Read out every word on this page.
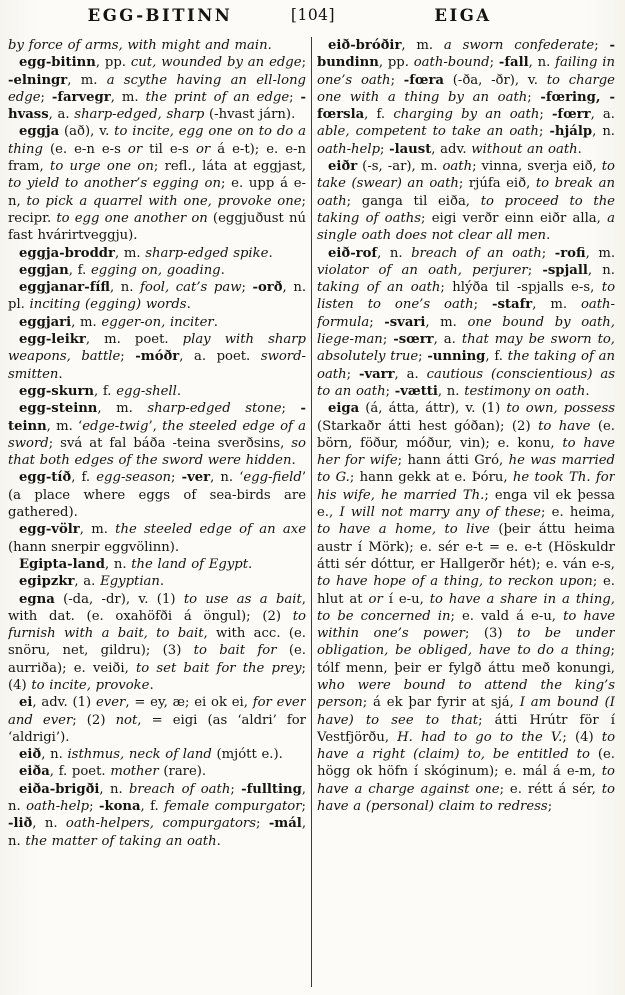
EGG-BITINN	[104]	EIGA

by force of arms, with might and main.

egg-bitinn, pp. cut, wounded by an edge; -elningr, m. a scythe having an ell-long edge; -farvegr, m. the print of an edge; -hvass, a. sharp-edged, sharp (-hvast járn).

eggja (að), v. to incite, egg one on to do a thing (e. e-n e-s or til e-s or á e-t); e. e-n fram, to urge one on; refl., láta at eggjast, to yield to another’s egging on; e. upp á e-n, to pick a quarrel with one, provoke one; recipr. to egg one another on (eggjuðust nú fast hvárirtveggju).

eggja-broddr, m. sharp-edged spike.

eggjan, f. egging on, goading.

eggjanar-fífl, n. fool, cat’s paw; -orð, n. pl. inciting (egging) words.

eggjari, m. egger-on, inciter.

egg-leikr, m. poet. play with sharp weapons, battle; -móðr, a. poet. sword-smitten.

egg-skurn, f. egg-shell.

egg-steinn, m. sharp-edged stone; -teinn, m. ‘edge-twig’, the steeled edge of a sword; svá at fal báða -teina sverðsins, so that both edges of the sword were hidden.

egg-tíð, f. egg-season; -ver, n. ‘egg-field’ (a place where eggs of sea-birds are gathered).

egg-völr, m. the steeled edge of an axe (hann snerpir eggvölinn).

Egipta-land, n. the land of Egypt.

egipzkr, a. Egyptian.

egna (-da, -dr), v. (1) to use as a bait, with dat. (e. oxahöfði á öngul); (2) to furnish with a bait, to bait, with acc. (e. snöru, net, gildru); (3) to bait for (e. aurriða); e. veiði, to set bait for the prey; (4) to incite, provoke.

ei, adv. (1) ever, = ey, æ; ei ok ei, for ever and ever; (2) not, = eigi (as ‘aldri’ for ‘aldrigi’).

eið, n. isthmus, neck of land (mjótt e.).

eiða, f. poet. mother (rare).

eiða-brigði, n. breach of oath; -fullting, n. oath-help; -kona, f. female compurgator; -lið, n. oath-helpers, compurgators; -mál, n. the matter of taking an oath.

eið-bróðir, m. a sworn confederate; -bundinn, pp. oath-bound; -fall, n. failing in one’s oath; -fœra (-ða, -ðr), v. to charge one with a thing by an oath; -fœring, -fœrsla, f. charging by an oath; -fœrr, a. able, competent to take an oath; -hjálp, n. oath-help; -laust, adv. without an oath.

eiðr (-s, -ar), m. oath; vinna, sverja eið, to take (swear) an oath; rjúfa eið, to break an oath; ganga til eiða, to proceed to the taking of oaths; eigi verðr einn eiðr alla, a single oath does not clear all men.

eið-rof, n. breach of an oath; -rofi, m. violator of an oath, perjurer; -spjall, n. taking of an oath; hlýða til -spjalls e-s, to listen to one’s oath; -stafr, m. oath-formula; -svari, m. one bound by oath, liege-man; -sœrr, a. that may be sworn to, absolutely true; -unning, f. the taking of an oath; -varr, a. cautious (conscientious) as to an oath; -vætti, n. testimony on oath.

eiga (á, átta, áttr), v. (1) to own, possess (Starkaðr átti hest góðan); (2) to have (e. börn, föður, móður, vin); e. konu, to have her for wife; hann átti Gró, he was married to G.; hann gekk at e. Þóru, he took Th. for his wife, he married Th.; enga vil ek þessa e., I will not marry any of these; e. heima, to have a home, to live (þeir áttu heima austr í Mörk); e. sér e-t = e. e-t (Höskuldr átti sér dóttur, er Hallgerðr hét); e. ván e-s, to have hope of a thing, to reckon upon; e. hlut at or í e-u, to have a share in a thing, to be concerned in; e. vald á e-u, to have within one’s power; (3) to be under obligation, be obliged, have to do a thing; tólf menn, þeir er fylgð áttu með konungi, who were bound to attend the king’s person; á ek þar fyrir at sjá, I am bound (I have) to see to that; átti Hrútr för í Vestfjörðu, H. had to go to the V.; (4) to have a right (claim) to, be entitled to (e. högg ok höfn í skóginum); e. mál á e-m, to have a charge against one; e. rétt á sér, to have a (personal) claim to redress;
